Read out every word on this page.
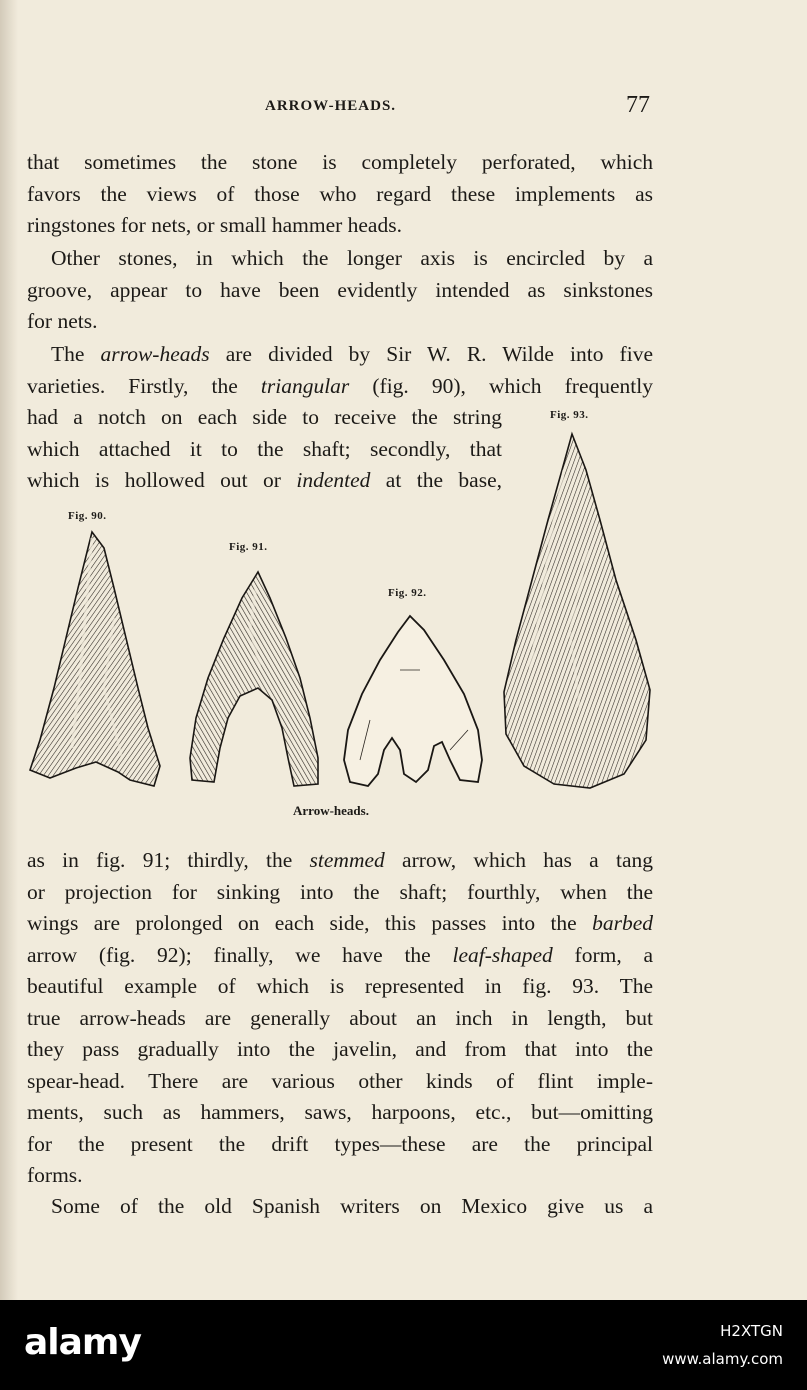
ARROW-HEADS.	77
that sometimes the stone is completely perforated, which
favors the views of those who regard these implements as
ringstones for nets, or small hammer heads.
Other stones, in which the longer axis is encircled by a
groove, appear to have been evidently intended as sinkstones
for nets.
The arrow-heads are divided by Sir W. R. Wilde into five
varieties. Firstly, the triangular (fig. 90), which frequently
had a notch on each side to receive the string
which attached it to the shaft; secondly, that
which is hollowed out or indented at the base,
Fig. 90.
Fig. 91.
Fig. 92.
Fig. 93.
Arrow-heads.
as in fig. 91; thirdly, the stemmed arrow, which has a tang
or projection for sinking into the shaft; fourthly, when the
wings are prolonged on each side, this passes into the barbed
arrow (fig. 92); finally, we have the leaf-shaped form, a
beautiful example of which is represented in fig. 93. The
true arrow-heads are generally about an inch in length, but
they pass gradually into the javelin, and from that into the
spear-head. There are various other kinds of flint imple-
ments, such as hammers, saws, harpoons, etc., but—omitting
for the present the drift types—these are the principal
forms.
Some of the old Spanish writers on Mexico give us a
alamy	H2XTGN
www.alamy.com
